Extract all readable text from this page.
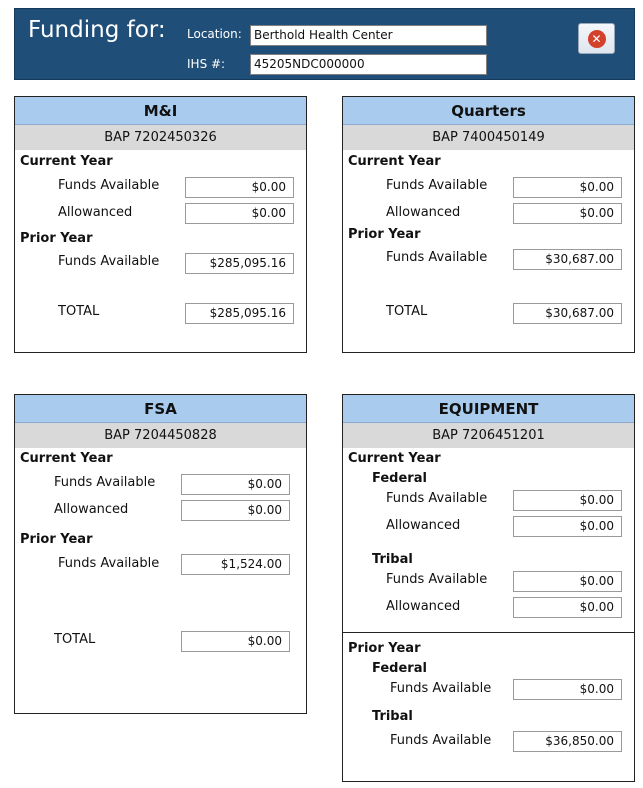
Funding for: Location:	Berthold Health Center
IHS #:	45205NDC000000
✕
M&I
BAP 7202450326
Current Year
Funds Available	$0.00
Allowanced	$0.00
Prior Year
Funds Available	$285,095.16
TOTAL	$285,095.16
Quarters
BAP 7400450149
Current Year
Funds Available	$0.00
Allowanced	$0.00
Prior Year
Funds Available	$30,687.00
TOTAL	$30,687.00
FSA
BAP 7204450828
Current Year
Funds Available	$0.00
Allowanced	$0.00
Prior Year
Funds Available	$1,524.00
TOTAL	$0.00
EQUIPMENT
BAP 7206451201
Current Year
Federal
Funds Available	$0.00
Allowanced	$0.00
Tribal
Funds Available	$0.00
Allowanced	$0.00
Prior Year
Federal
Funds Available	$0.00
Tribal
Funds Available	$36,850.00
